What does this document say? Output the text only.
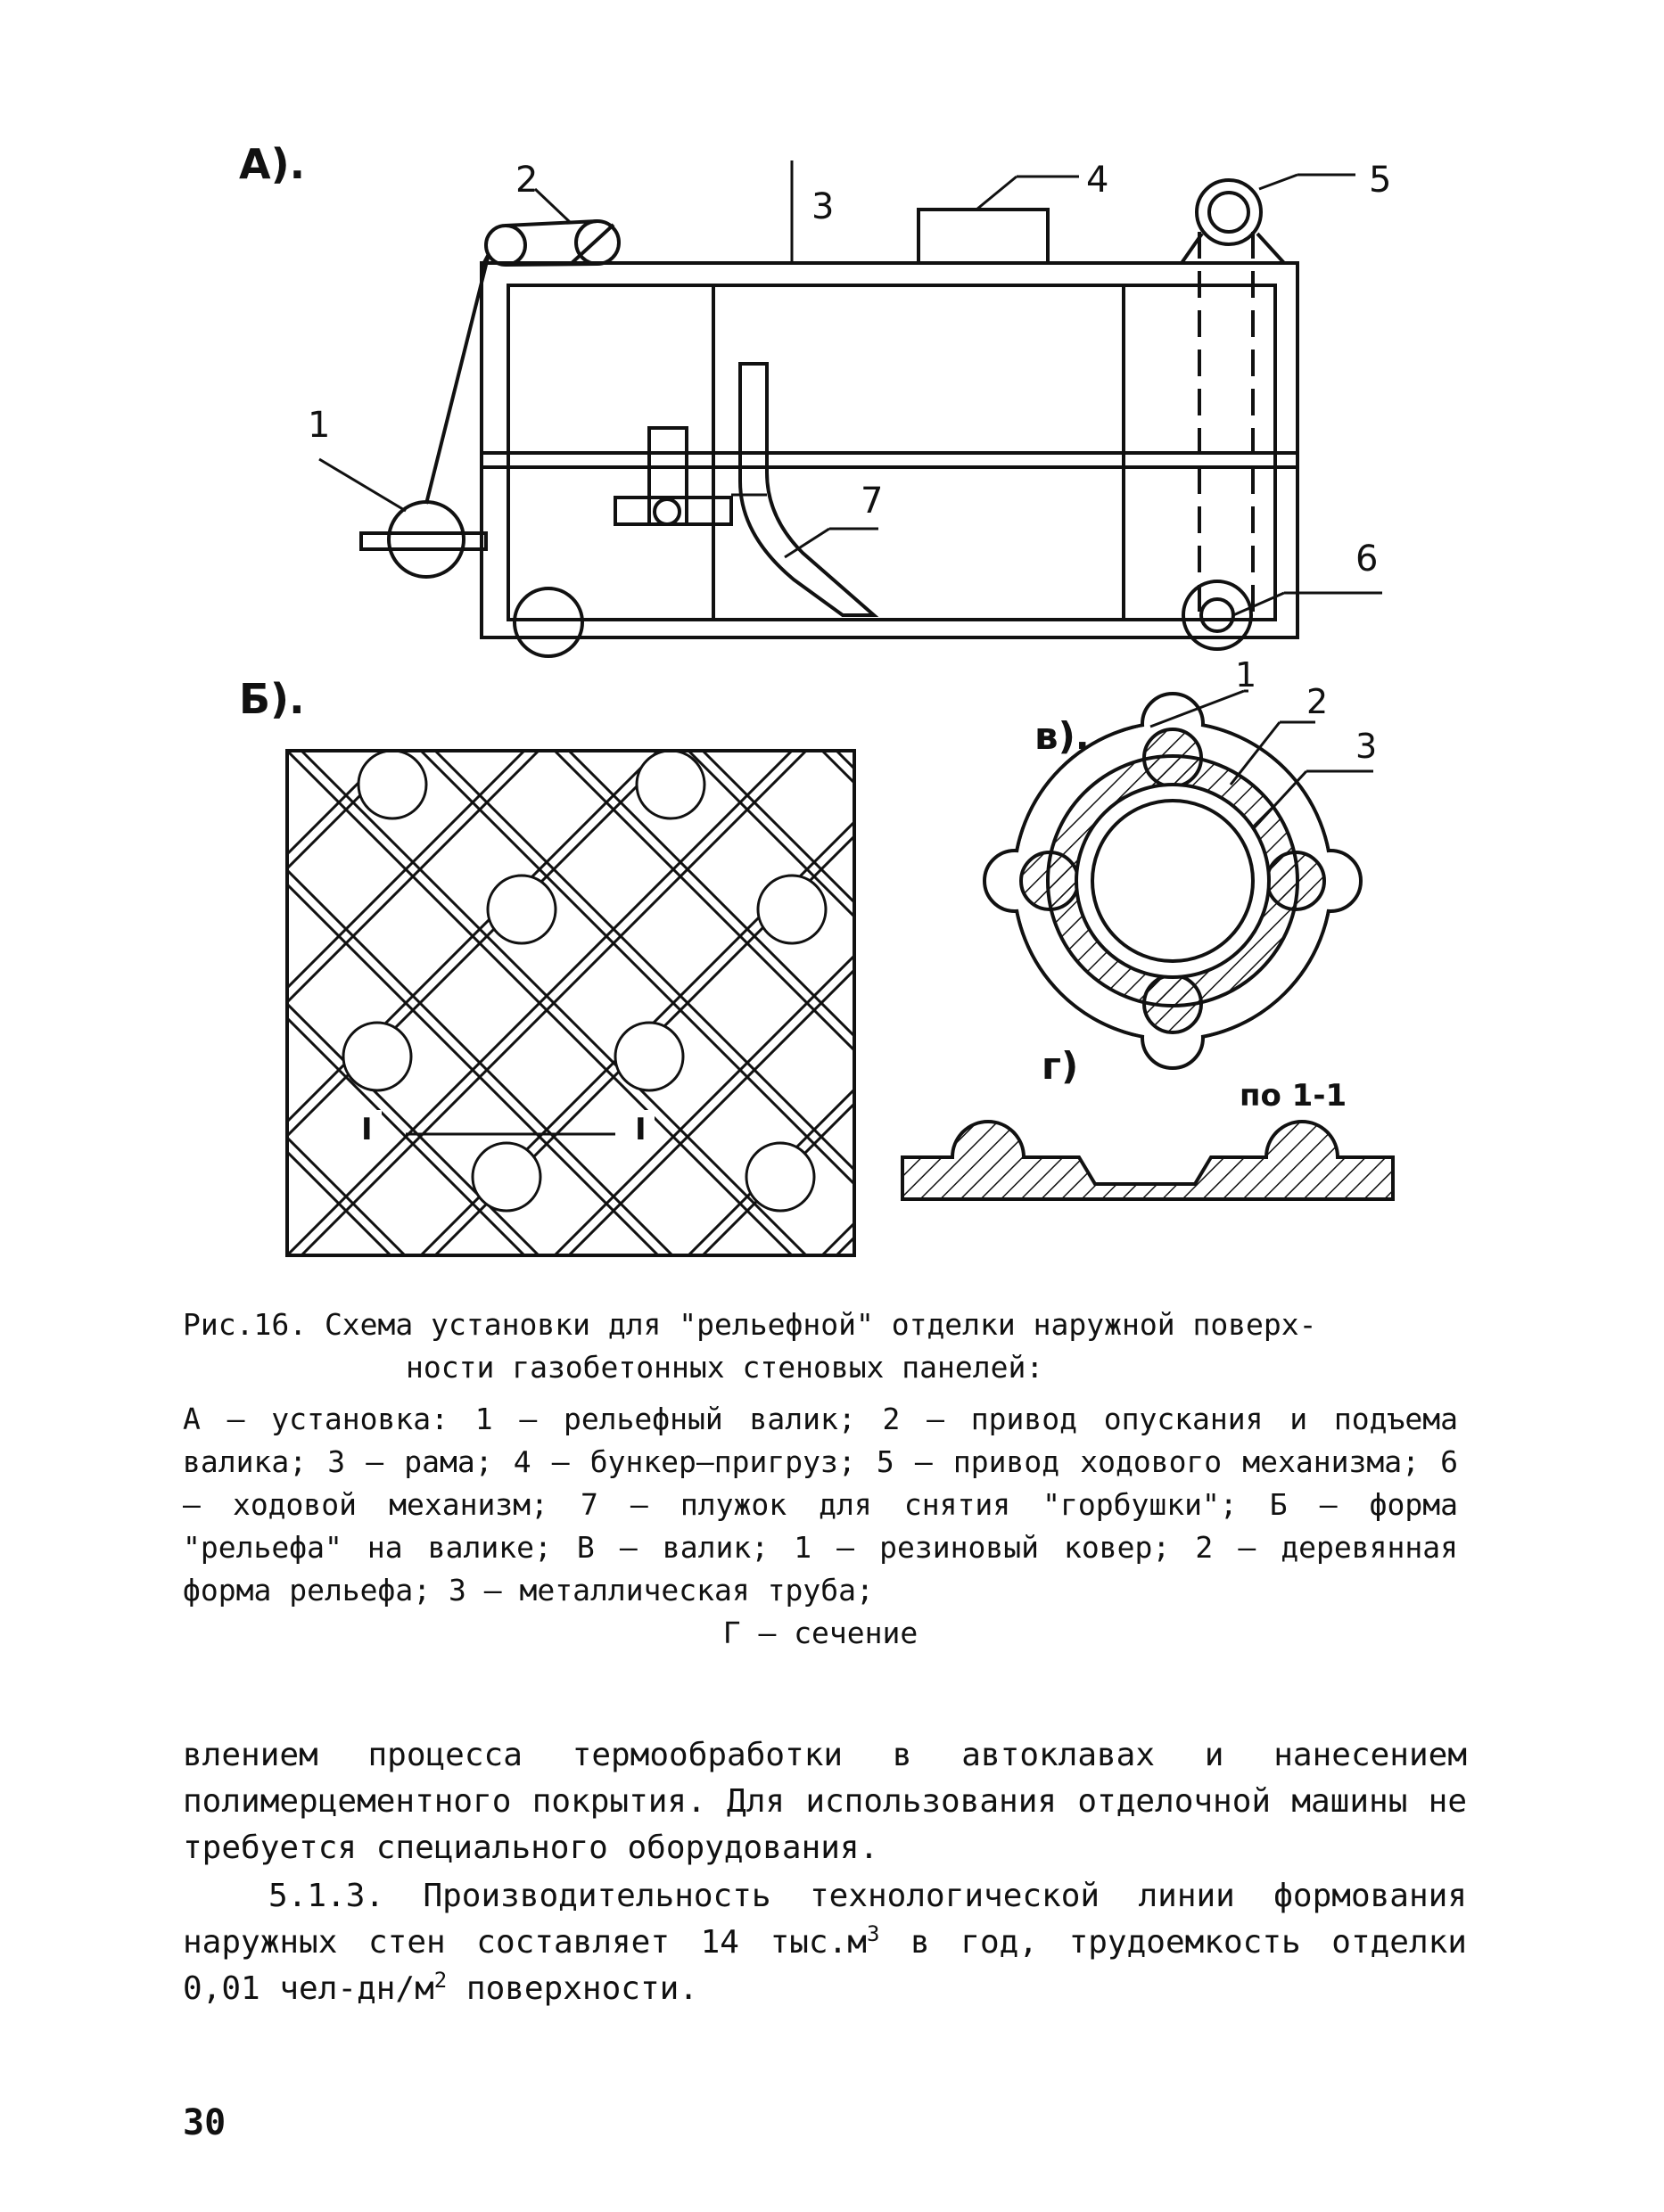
А).
1
2
3
4	5
6
7
Б).
I	I
в).
1
2
3
г)
по 1-1
Рис.16. Схема установки для "рельефной" отделки наружной поверх-
ности газобетонных стеновых панелей:
А – установка: 1 – рельефный валик; 2 – привод опускания и подъема валика; 3 – рама; 4 – бункер–пригруз; 5 – привод ходового механизма; 6 – ходовой механизм; 7 – плужок для снятия "горбушки"; Б – форма "рельефа" на валике; В – валик; 1 – резиновый ковер; 2 – деревянная форма рельефа; 3 – металлическая труба;
Г – сечение
влением процесса термообработки в автоклавах и нанесением полимерцементного покрытия. Для использования отделочной машины не требуется специального оборудования.
5.1.3. Производительность технологической линии формования наружных стен составляет 14 $тыс.м^3$ в год, трудоемкость отделки 0,01 чел-$дн/м^2$ поверхности.
30
